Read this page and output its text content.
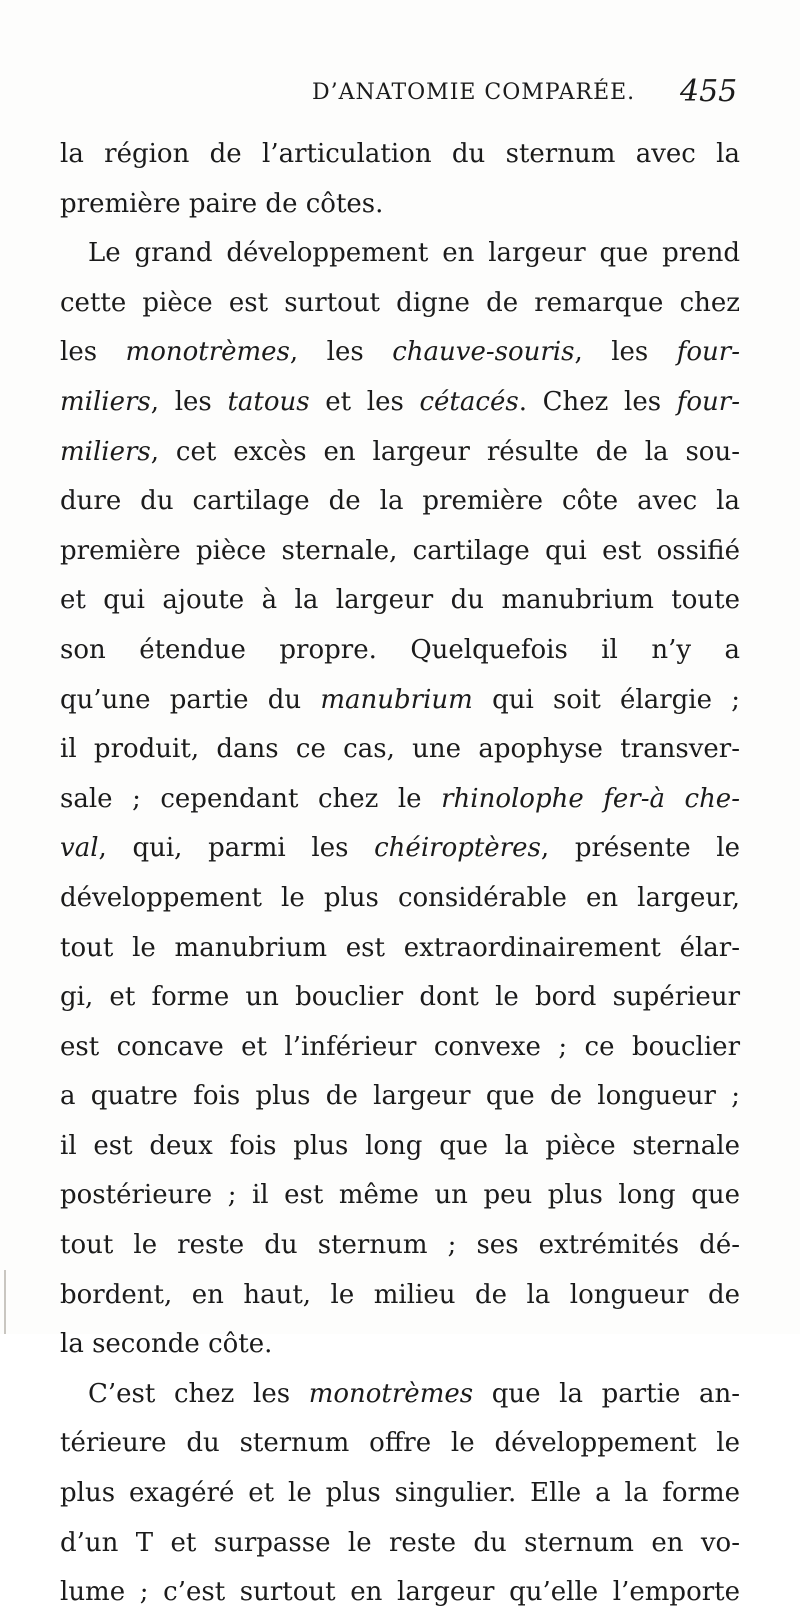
D’ANATOMIE COMPARÉE. 455
la région de l’articulation du sternum avec la
première paire de côtes.
Le grand développement en largeur que prend
cette pièce est surtout digne de remarque chez
les monotrèmes, les chauve-souris, les four-
miliers, les tatous et les cétacés. Chez les four-
miliers, cet excès en largeur résulte de la sou-
dure du cartilage de la première côte avec la
première pièce sternale, cartilage qui est ossifié
et qui ajoute à la largeur du manubrium toute
son étendue propre. Quelquefois il n’y a
qu’une partie du manubrium qui soit élargie ;
il produit, dans ce cas, une apophyse transver-
sale ; cependant chez le rhinolophe fer-à che-
val, qui, parmi les chéiroptères, présente le
développement le plus considérable en largeur,
tout le manubrium est extraordinairement élar-
gi, et forme un bouclier dont le bord supérieur
est concave et l’inférieur convexe ; ce bouclier
a quatre fois plus de largeur que de longueur ;
il est deux fois plus long que la pièce sternale
postérieure ; il est même un peu plus long que
tout le reste du sternum ; ses extrémités dé-
bordent, en haut, le milieu de la longueur de
la seconde côte.
C’est chez les monotrèmes que la partie an-
térieure du sternum offre le développement le
plus exagéré et le plus singulier. Elle a la forme
d’un T et surpasse le reste du sternum en vo-
lume ; c’est surtout en largeur qu’elle l’emporte
